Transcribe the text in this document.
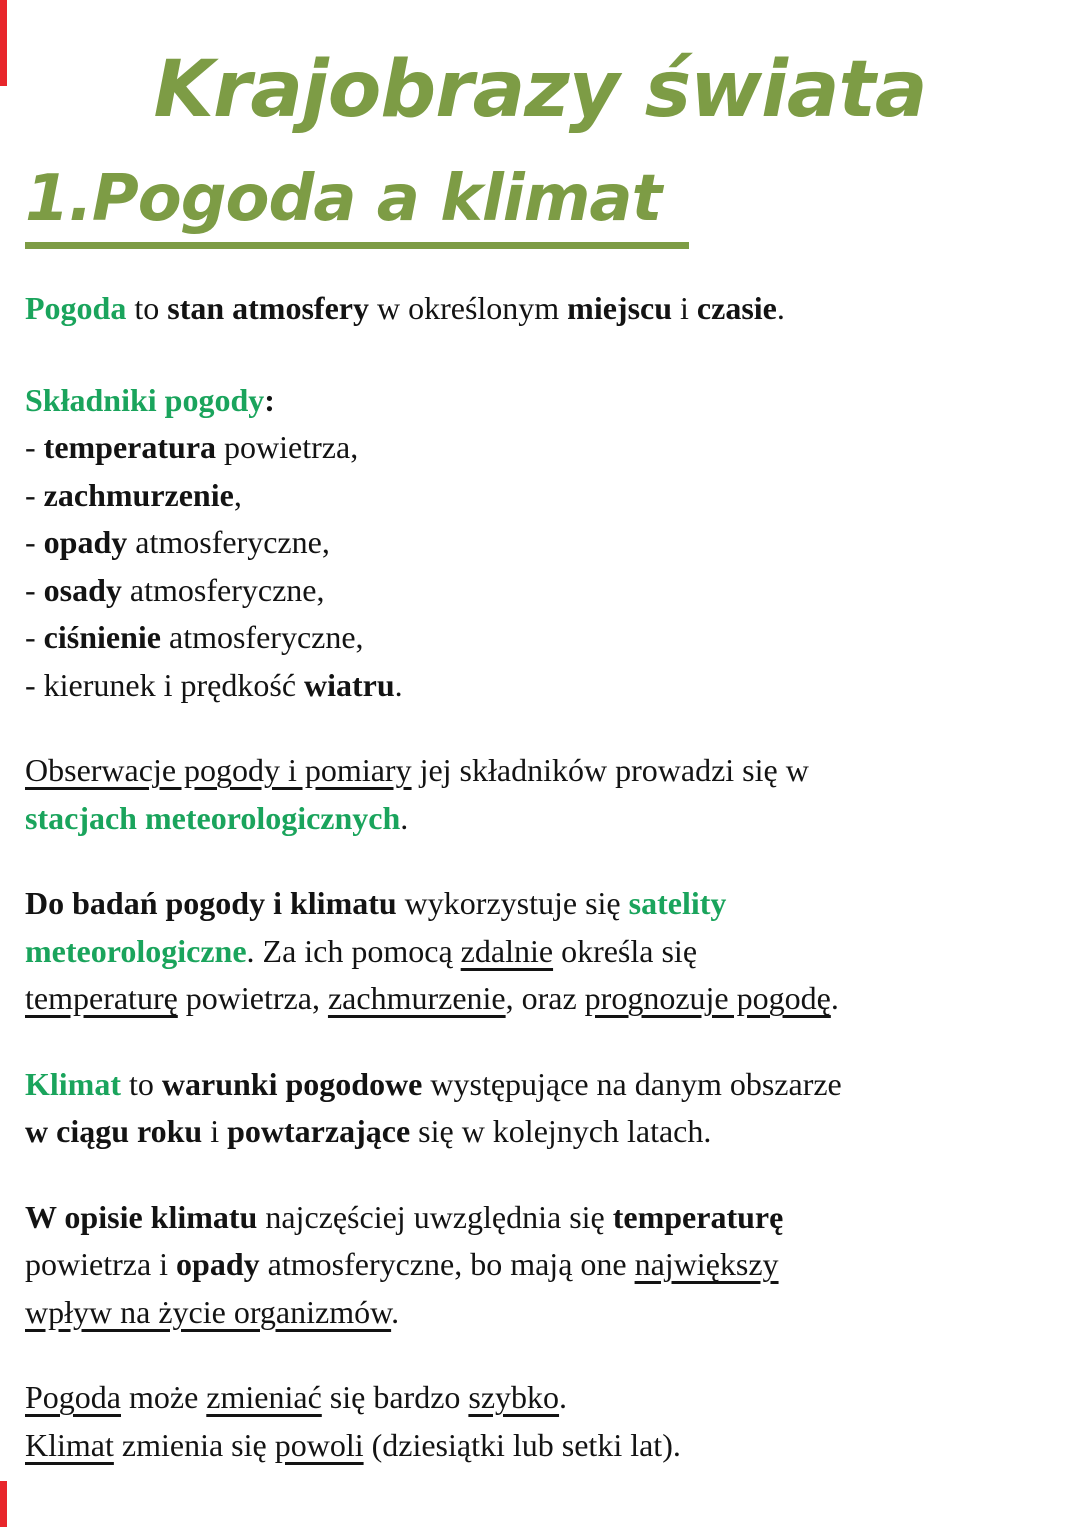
Krajobrazy świata
1.Pogoda a klimat
Pogoda to stan atmosfery w określonym miejscu i czasie.
Składniki pogody:
- temperatura powietrza,
- zachmurzenie,
- opady atmosferyczne,
- osady atmosferyczne,
- ciśnienie atmosferyczne,
- kierunek i prędkość wiatru.
Obserwacje pogody i pomiary jej składników prowadzi się w
stacjach meteorologicznych.
Do badań pogody i klimatu wykorzystuje się satelity
meteorologiczne. Za ich pomocą zdalnie określa się
temperaturę powietrza, zachmurzenie, oraz prognozuje pogodę.
Klimat to warunki pogodowe występujące na danym obszarze
w ciągu roku i powtarzające się w kolejnych latach.
W opisie klimatu najczęściej uwzględnia się temperaturę
powietrza i opady atmosferyczne, bo mają one największy
wpływ na życie organizmów.
Pogoda może zmieniać się bardzo szybko.
Klimat zmienia się powoli (dziesiątki lub setki lat).
